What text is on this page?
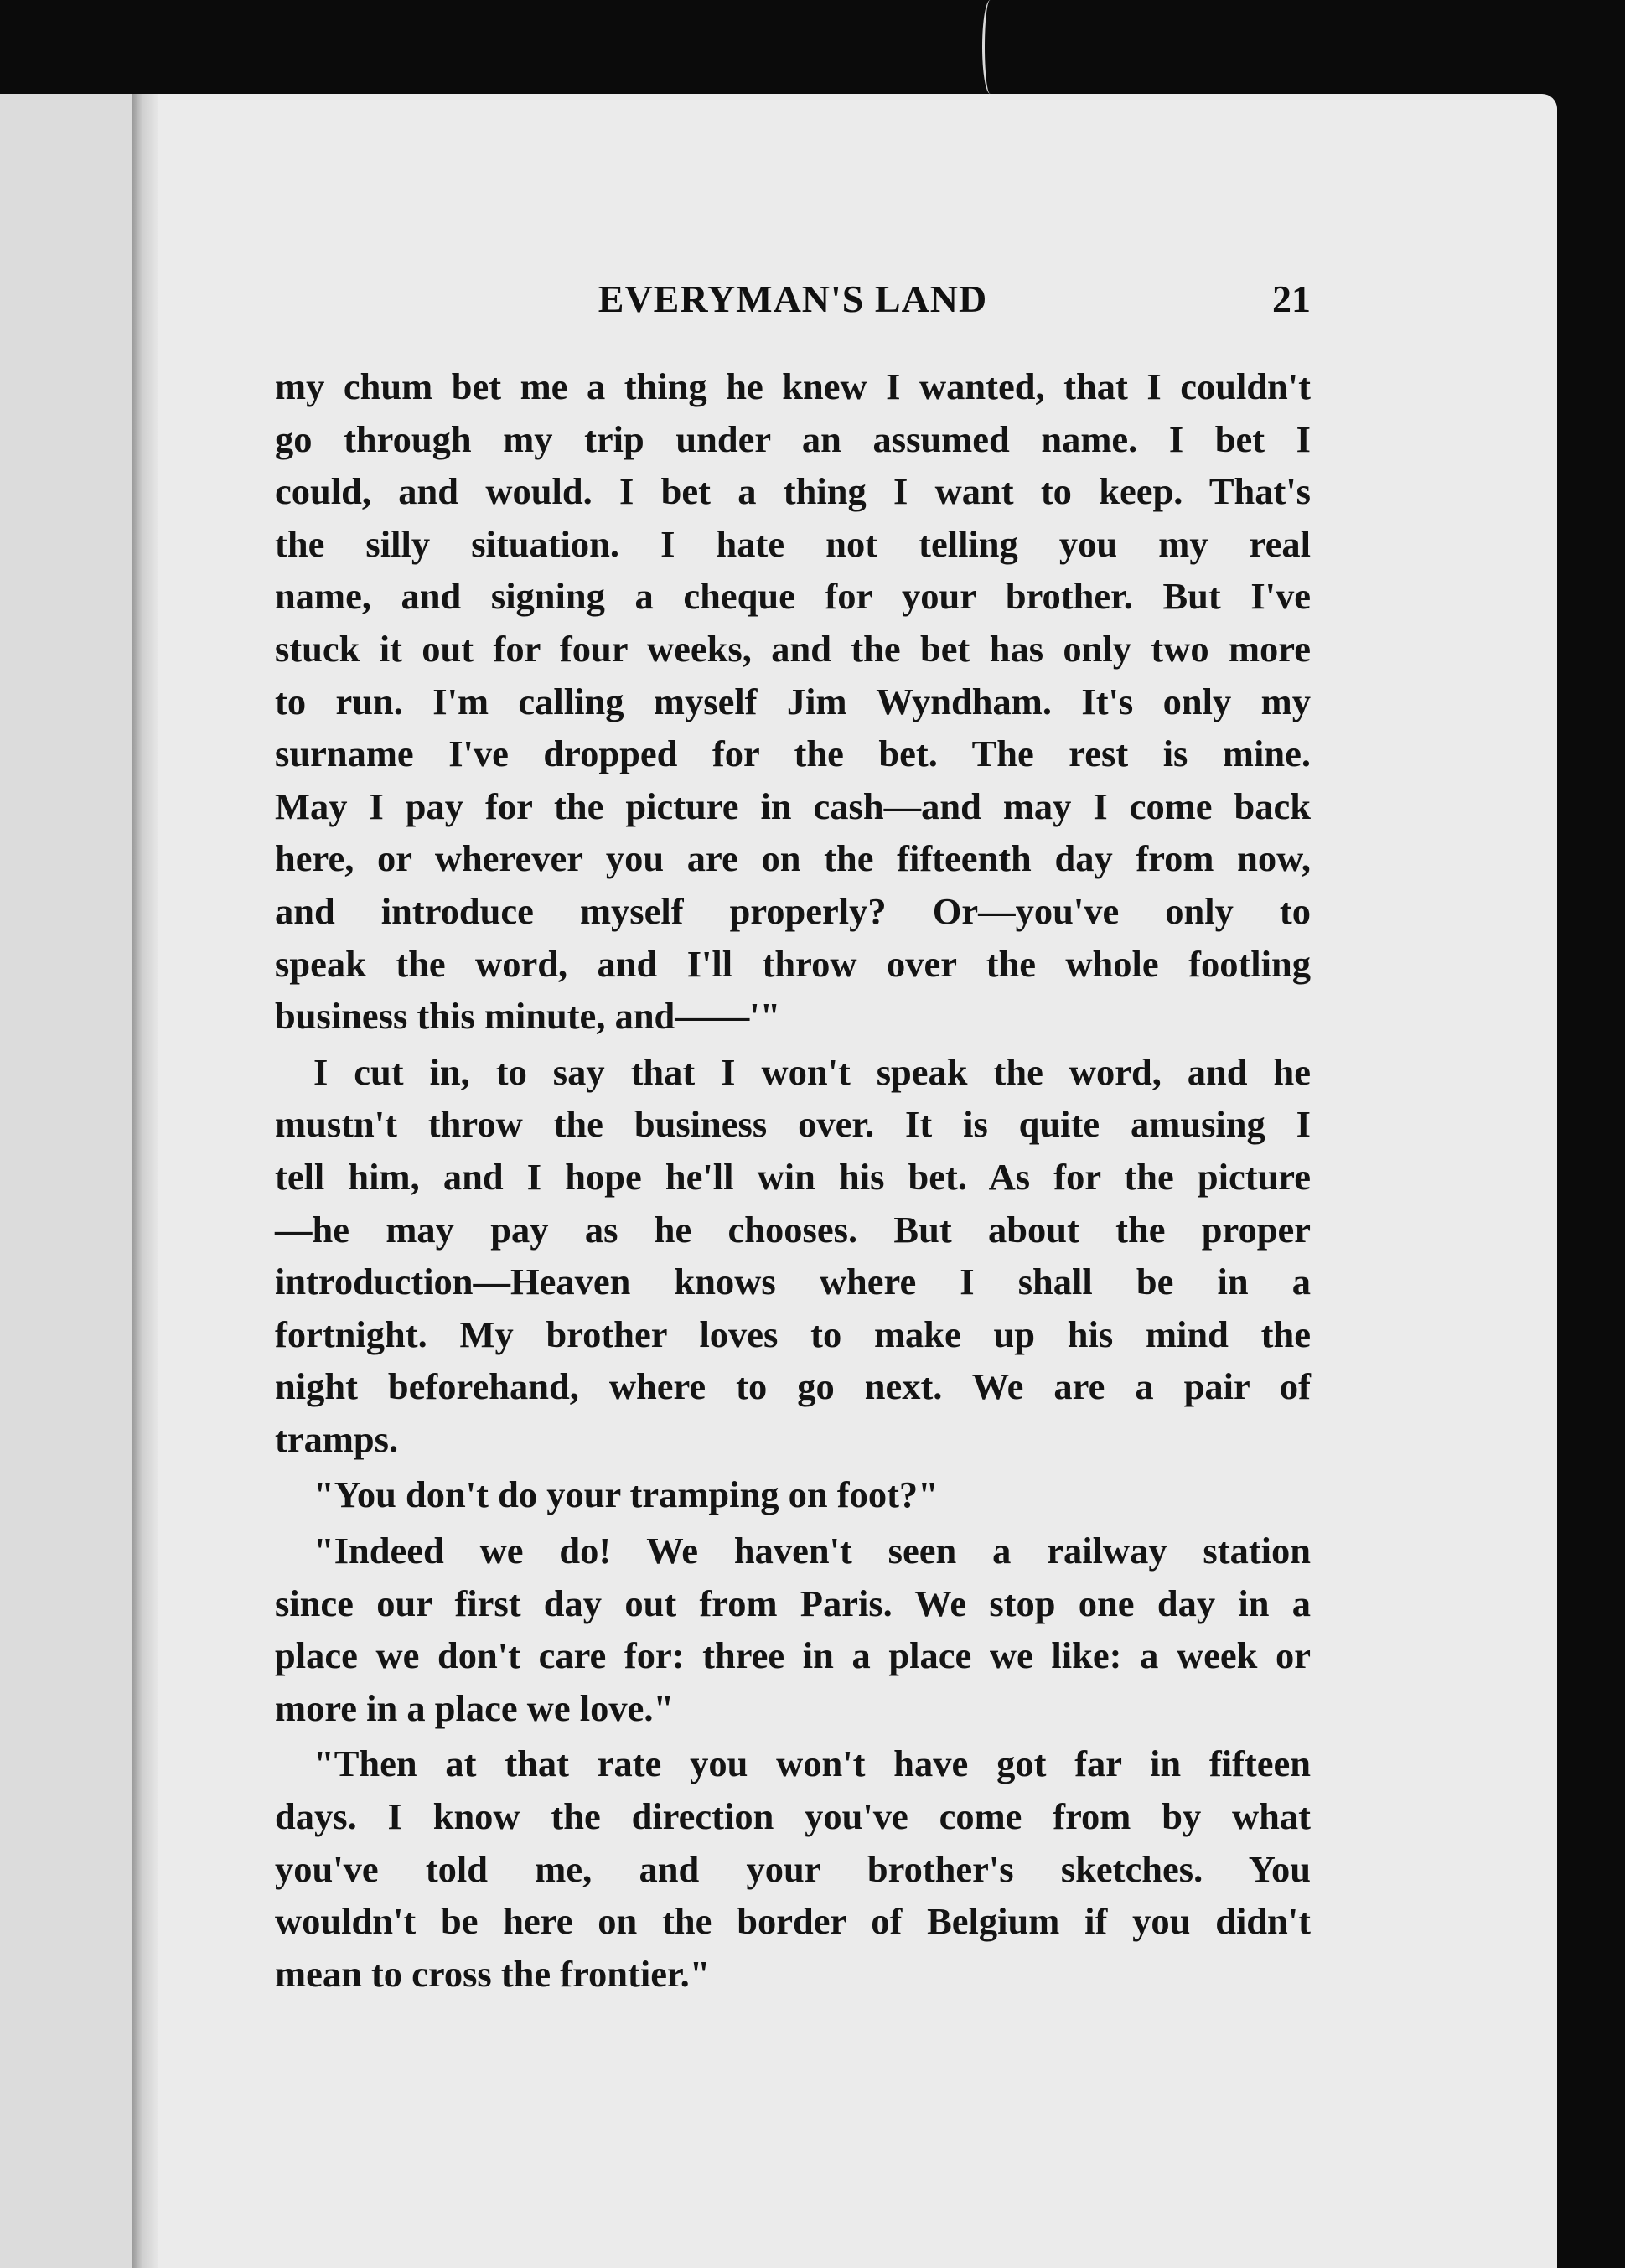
EVERYMAN'S LAND	21
my chum bet me a thing he knew I wanted, that I couldn't
go through my trip under an assumed name. I bet I
could, and would. I bet a thing I want to keep. That's
the silly situation. I hate not telling you my real
name, and signing a cheque for your brother. But I've
stuck it out for four weeks, and the bet has only two more
to run. I'm calling myself Jim Wyndham. It's only my
surname I've dropped for the bet. The rest is mine.
May I pay for the picture in cash—and may I come back
here, or wherever you are on the fifteenth day from now,
and introduce myself properly? Or—you've only to
speak the word, and I'll throw over the whole footling
business this minute, and——'"
I cut in, to say that I won't speak the word, and he
mustn't throw the business over. It is quite amusing I
tell him, and I hope he'll win his bet. As for the picture
—he may pay as he chooses. But about the proper
introduction—Heaven knows where I shall be in a
fortnight. My brother loves to make up his mind the
night beforehand, where to go next. We are a pair of
tramps.
"You don't do your tramping on foot?"
"Indeed we do! We haven't seen a railway station
since our first day out from Paris. We stop one day in a
place we don't care for: three in a place we like: a week or
more in a place we love."
"Then at that rate you won't have got far in fifteen
days. I know the direction you've come from by what
you've told me, and your brother's sketches. You
wouldn't be here on the border of Belgium if you didn't
mean to cross the frontier."
